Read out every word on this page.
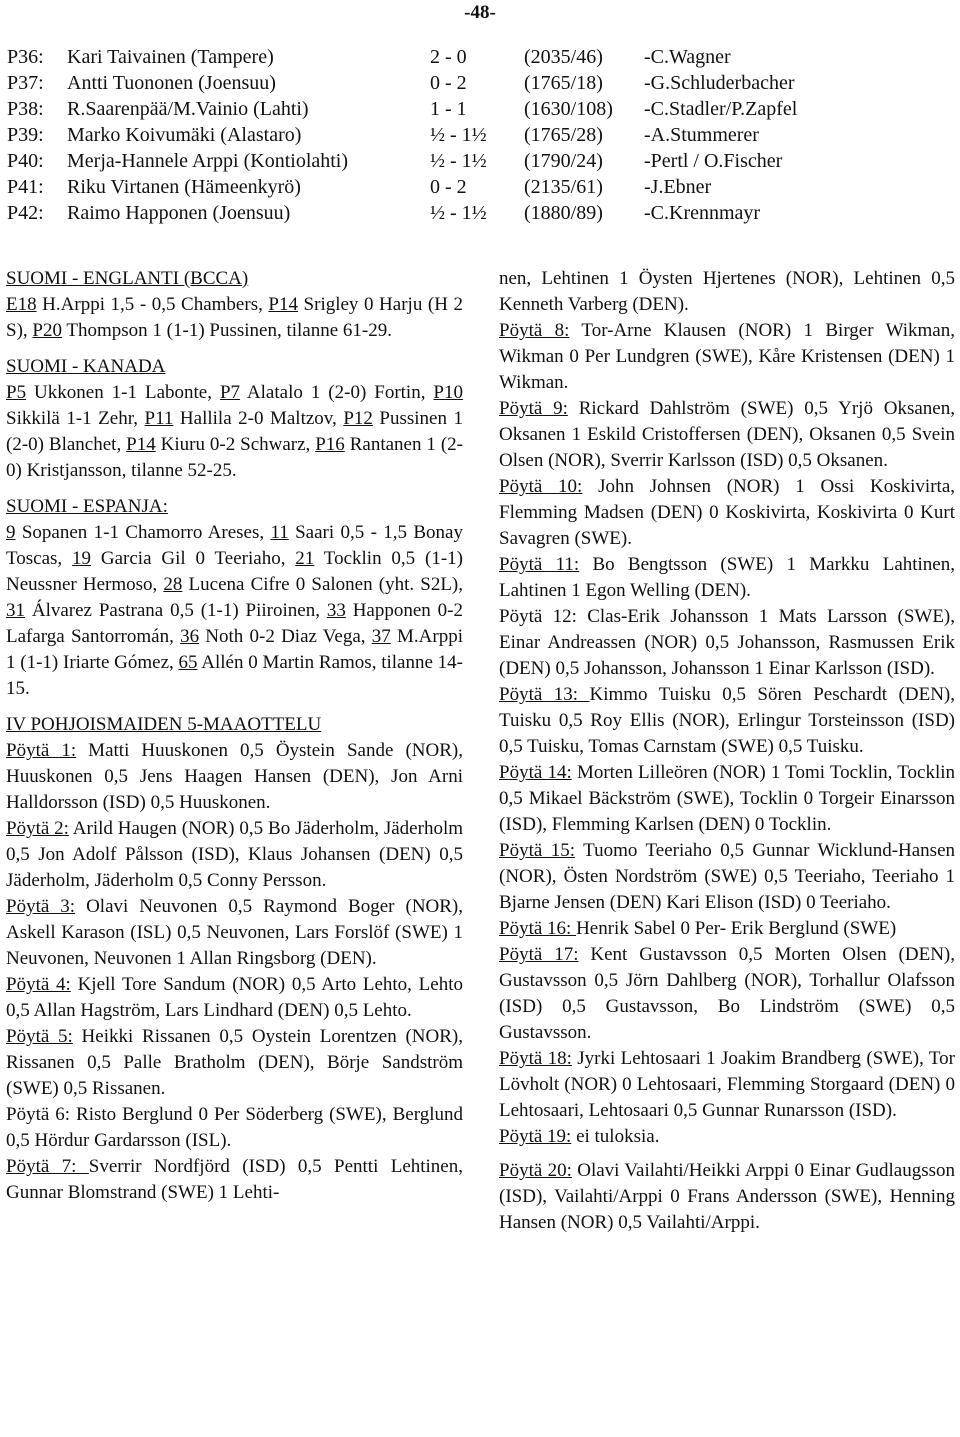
-48-
P36:	Kari Taivainen (Tampere)	2 - 0	(2035/46)	-C.Wagner
P37:	Antti Tuononen (Joensuu)	0 - 2	(1765/18)	-G.Schluderbacher
P38:	R.Saarenpää/M.Vainio (Lahti)	1 - 1	(1630/108)	-C.Stadler/P.Zapfel
P39:	Marko Koivumäki (Alastaro)	½ - 1½	(1765/28)	-A.Stummerer
P40:	Merja-Hannele Arppi (Kontiolahti)	½ - 1½	(1790/24)	-Pertl / O.Fischer
P41:	Riku Virtanen (Hämeenkyrö)	0 - 2	(2135/61)	-J.Ebner
P42:	Raimo Happonen (Joensuu)	½ - 1½	(1880/89)	-C.Krennmayr
SUOMI - ENGLANTI (BCCA)

E18 H.Arppi 1,5 - 0,5 Chambers, P14 Srigley 0 Harju (H 2 S), P20 Thompson 1 (1-1) Pussinen, tilanne 61-29.

SUOMI - KANADA

P5 Ukkonen 1-1 Labonte, P7 Alatalo 1 (2-0) Fortin, P10 Sikkilä 1-1 Zehr, P11 Hallila 2-0 Maltzov, P12 Pussinen 1 (2-0) Blanchet, P14 Kiuru 0-2 Schwarz, P16 Rantanen 1 (2-0) Kristjansson, tilanne 52-25.

SUOMI - ESPANJA:

9 Sopanen 1-1 Chamorro Areses, 11 Saari 0,5 - 1,5 Bonay Toscas, 19 Garcia Gil 0 Teeriaho, 21 Tocklin 0,5 (1-1) Neussner Hermoso, 28 Lucena Cifre 0 Salonen (yht. S2L), 31 Álvarez Pastrana 0,5 (1-1) Piiroinen, 33 Happonen 0-2 Lafarga Santorromán, 36 Noth 0-2 Diaz Vega, 37 M.Arppi 1 (1-1) Iriarte Gómez, 65 Allén 0 Martin Ramos, tilanne 14-15.

IV POHJOISMAIDEN 5-MAAOTTELU

Pöytä 1: Matti Huuskonen 0,5 Öystein Sande (NOR), Huuskonen 0,5 Jens Haagen Hansen (DEN), Jon Arni Halldorsson (ISD) 0,5 Huuskonen.

Pöytä 2: Arild Haugen (NOR) 0,5 Bo Jäderholm, Jäderholm 0,5 Jon Adolf Pålsson (ISD), Klaus Johansen (DEN) 0,5 Jäderholm, Jäderholm 0,5 Conny Persson.

Pöytä 3: Olavi Neuvonen 0,5 Raymond Boger (NOR), Askell Karason (ISL) 0,5 Neuvonen, Lars Forslöf (SWE) 1 Neuvonen, Neuvonen 1 Allan Ringsborg (DEN).

Pöytä 4: Kjell Tore Sandum (NOR) 0,5 Arto Lehto, Lehto 0,5 Allan Hagström, Lars Lindhard (DEN) 0,5 Lehto.

Pöytä 5: Heikki Rissanen 0,5 Oystein Lorentzen (NOR), Rissanen 0,5 Palle Bratholm (DEN), Börje Sandström (SWE) 0,5 Rissanen.

Pöytä 6: Risto Berglund 0 Per Söderberg (SWE), Berglund 0,5 Hördur Gardarsson (ISL).

Pöytä 7: Sverrir Nordfjörd (ISD) 0,5 Pentti Lehtinen, Gunnar Blomstrand (SWE) 1 Lehti-

nen, Lehtinen 1 Öysten Hjertenes (NOR), Lehtinen 0,5 Kenneth Varberg (DEN).

Pöytä 8: Tor-Arne Klausen (NOR) 1 Birger Wikman, Wikman 0 Per Lundgren (SWE), Kåre Kristensen (DEN) 1 Wikman.

Pöytä 9: Rickard Dahlström (SWE) 0,5 Yrjö Oksanen, Oksanen 1 Eskild Cristoffersen (DEN), Oksanen 0,5 Svein Olsen (NOR), Sverrir Karlsson (ISD) 0,5 Oksanen.

Pöytä 10: John Johnsen (NOR) 1 Ossi Koskivirta, Flemming Madsen (DEN) 0 Koskivirta, Koskivirta 0 Kurt Savagren (SWE).

Pöytä 11: Bo Bengtsson (SWE) 1 Markku Lahtinen, Lahtinen 1 Egon Welling (DEN).

Pöytä 12: Clas-Erik Johansson 1 Mats Larsson (SWE), Einar Andreassen (NOR) 0,5 Johansson, Rasmussen Erik (DEN) 0,5 Johansson, Johansson 1 Einar Karlsson (ISD).

Pöytä 13: Kimmo Tuisku 0,5 Sören Peschardt (DEN), Tuisku 0,5 Roy Ellis (NOR), Erlingur Torsteinsson (ISD) 0,5 Tuisku, Tomas Carnstam (SWE) 0,5 Tuisku.

Pöytä 14: Morten Lilleören (NOR) 1 Tomi Tocklin, Tocklin 0,5 Mikael Bäckström (SWE), Tocklin 0 Torgeir Einarsson (ISD), Flemming Karlsen (DEN) 0 Tocklin.

Pöytä 15: Tuomo Teeriaho 0,5 Gunnar Wicklund-Hansen (NOR), Östen Nordström (SWE) 0,5 Teeriaho, Teeriaho 1 Bjarne Jensen (DEN) Kari Elison (ISD) 0 Teeriaho.

Pöytä 16: Henrik Sabel 0 Per- Erik Berglund (SWE)

Pöytä 17: Kent Gustavsson 0,5 Morten Olsen (DEN), Gustavsson 0,5 Jörn Dahlberg (NOR), Torhallur Olafsson (ISD) 0,5 Gustavsson, Bo Lindström (SWE) 0,5 Gustavsson.

Pöytä 18: Jyrki Lehtosaari 1 Joakim Brandberg (SWE), Tor Lövholt (NOR) 0 Lehtosaari, Flemming Storgaard (DEN) 0 Lehtosaari, Lehtosaari 0,5 Gunnar Runarsson (ISD).

Pöytä 19: ei tuloksia.

Pöytä 20: Olavi Vailahti/Heikki Arppi 0 Einar Gudlaugsson (ISD), Vailahti/Arppi 0 Frans Andersson (SWE), Henning Hansen (NOR) 0,5 Vailahti/Arppi.
